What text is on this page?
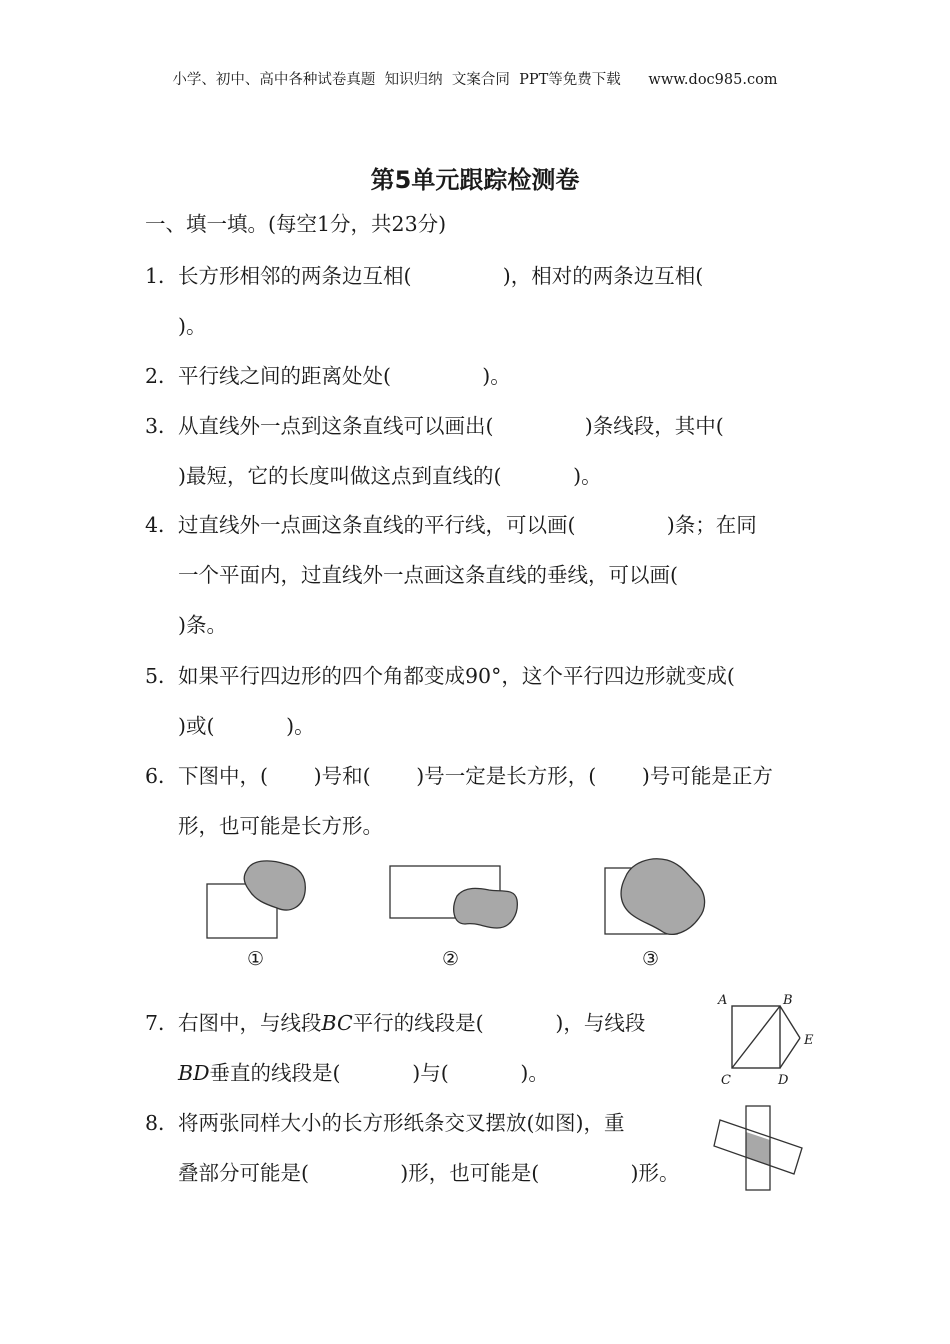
小学、初中、高中各种试卷真题  知识归纳  文案合同  PPT等免费下载      www.doc985.com
第5单元跟踪检测卷
一、填一填。(每空1分，共23分)
1． 长方形相邻的两条边互相(              )，相对的两条边互相(
)。
2． 平行线之间的距离处处(              )。
3． 从直线外一点到这条直线可以画出(              )条线段，其中(
)最短，它的长度叫做这点到直线的(           )。
4． 过直线外一点画这条直线的平行线，可以画(              )条；在同
一个平面内，过直线外一点画这条直线的垂线，可以画(
)条。
5． 如果平行四边形的四个角都变成90°，这个平行四边形就变成(
)或(           )。
6． 下图中，(       )号和(       )号一定是长方形，(       )号可能是正方
形，也可能是长方形。
①	②	③
7． 右图中，与线段BC平行的线段是(           )，与线段
BD垂直的线段是(           )与(           )。
A	B
C	D
E
8． 将两张同样大小的长方形纸条交叉摆放(如图)，重
叠部分可能是(              )形，也可能是(              )形。
